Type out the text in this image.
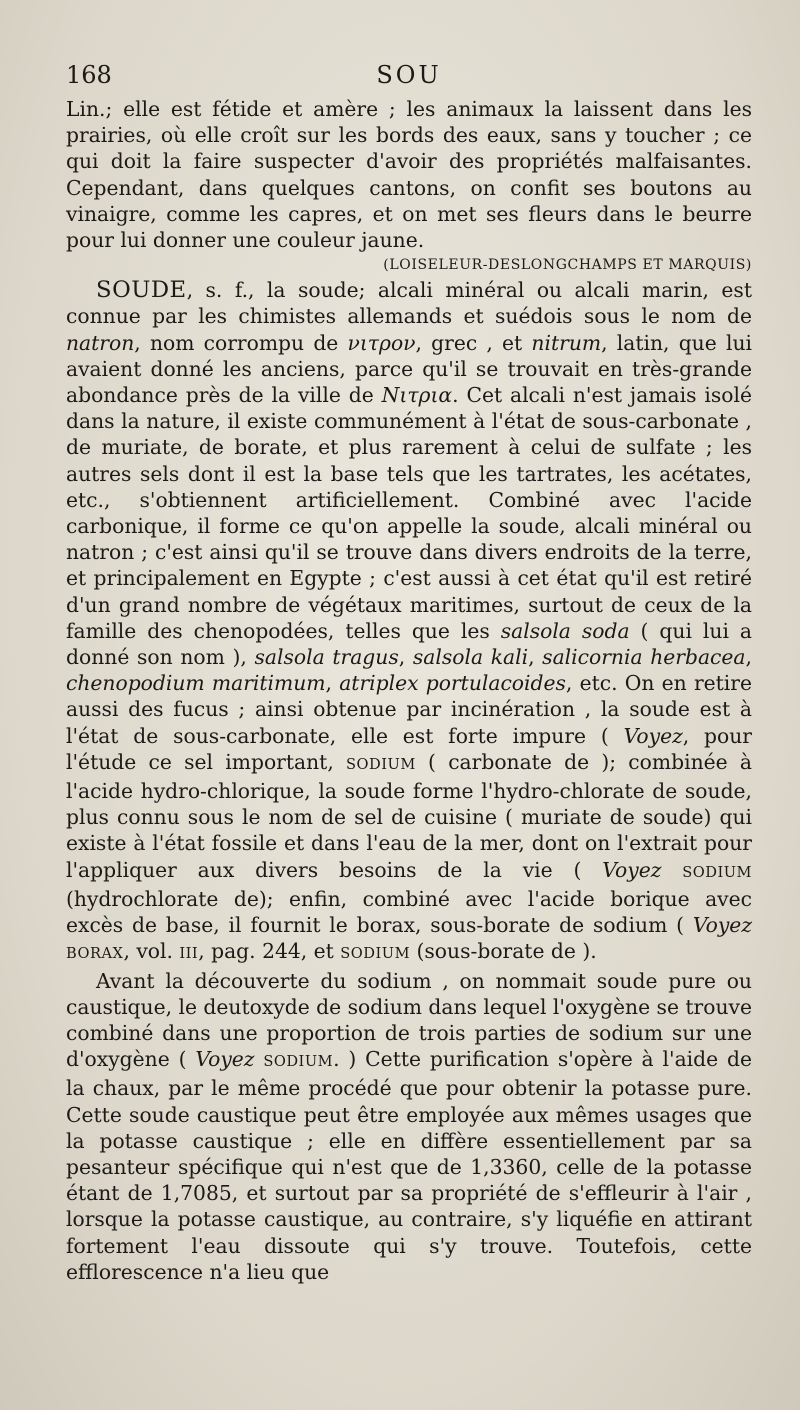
168	SOU

Lin.; elle est fétide et amère ; les animaux la laissent dans les prairies, où elle croît sur les bords des eaux, sans y toucher ; ce qui doit la faire suspecter d'avoir des propriétés malfaisantes. Cependant, dans quelques cantons, on confit ses boutons au vinaigre, comme les capres, et on met ses fleurs dans le beurre pour lui donner une couleur jaune.

(LOISELEUR-DESLONGCHAMPS ET MARQUIS)

SOUDE, s. f., la soude; alcali minéral ou alcali marin, est connue par les chimistes allemands et suédois sous le nom de natron, nom corrompu de νιτρον, grec , et nitrum, latin, que lui avaient donné les anciens, parce qu'il se trouvait en très-grande abondance près de la ville de Νιτρια. Cet alcali n'est jamais isolé dans la nature, il existe communément à l'état de sous-carbonate , de muriate, de borate, et plus rarement à celui de sulfate ; les autres sels dont il est la base tels que les tartrates, les acétates, etc., s'obtiennent artificiellement. Combiné avec l'acide carbonique, il forme ce qu'on appelle la soude, alcali minéral ou natron ; c'est ainsi qu'il se trouve dans divers endroits de la terre, et principalement en Egypte ; c'est aussi à cet état qu'il est retiré d'un grand nombre de végétaux maritimes, surtout de ceux de la famille des chenopodées, telles que les salsola soda ( qui lui a donné son nom ), salsola tragus, salsola kali, salicornia herbacea, chenopodium maritimum, atriplex portulacoides, etc. On en retire aussi des fucus ; ainsi obtenue par incinération , la soude est à l'état de sous-carbonate, elle est forte impure ( Voyez, pour l'étude ce sel important, SODIUM ( carbonate de ); combinée à l'acide hydro-chlorique, la soude forme l'hydro-chlorate de soude, plus connu sous le nom de sel de cuisine ( muriate de soude) qui existe à l'état fossile et dans l'eau de la mer, dont on l'extrait pour l'appliquer aux divers besoins de la vie ( Voyez SODIUM (hydrochlorate de); enfin, combiné avec l'acide borique avec excès de base, il fournit le borax, sous-borate de sodium ( Voyez BORAX, vol. III, pag. 244, et SODIUM (sous-borate de ).

Avant la découverte du sodium , on nommait soude pure ou caustique, le deutoxyde de sodium dans lequel l'oxygène se trouve combiné dans une proportion de trois parties de sodium sur une d'oxygène ( Voyez SODIUM. ) Cette purification s'opère à l'aide de la chaux, par le même procédé que pour obtenir la potasse pure. Cette soude caustique peut être employée aux mêmes usages que la potasse caustique ; elle en diffère essentiellement par sa pesanteur spécifique qui n'est que de 1,3360, celle de la potasse étant de 1,7085, et surtout par sa propriété de s'effleurir à l'air , lorsque la potasse caustique, au contraire, s'y liquéfie en attirant fortement l'eau dissoute qui s'y trouve. Toutefois, cette efflorescence n'a lieu que
